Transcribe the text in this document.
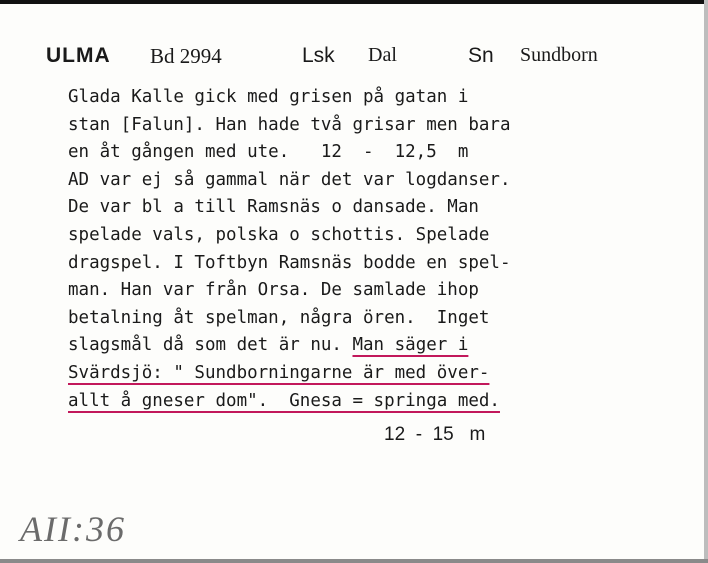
ULMA Bd 2994	Lsk Dal	Sn Sundborn
Glada Kalle gick med grisen på gatan i
stan [Falun]. Han hade två grisar men bara
en åt gången med ute.   12  -  12,5  m
AD var ej så gammal när det var logdanser.
De var bl a till Ramsnäs o dansade. Man
spelade vals, polska o schottis. Spelade
dragspel. I Toftbyn Ramsnäs bodde en spel-
man. Han var från Orsa. De samlade ihop
betalning åt spelman, några ören.  Inget
slagsmål då som det är nu. Man säger i
Svärdsjö: " Sundborningarne är med över-
allt å gneser dom".  Gnesa = springa med.
12  -  15   m
AII:36
